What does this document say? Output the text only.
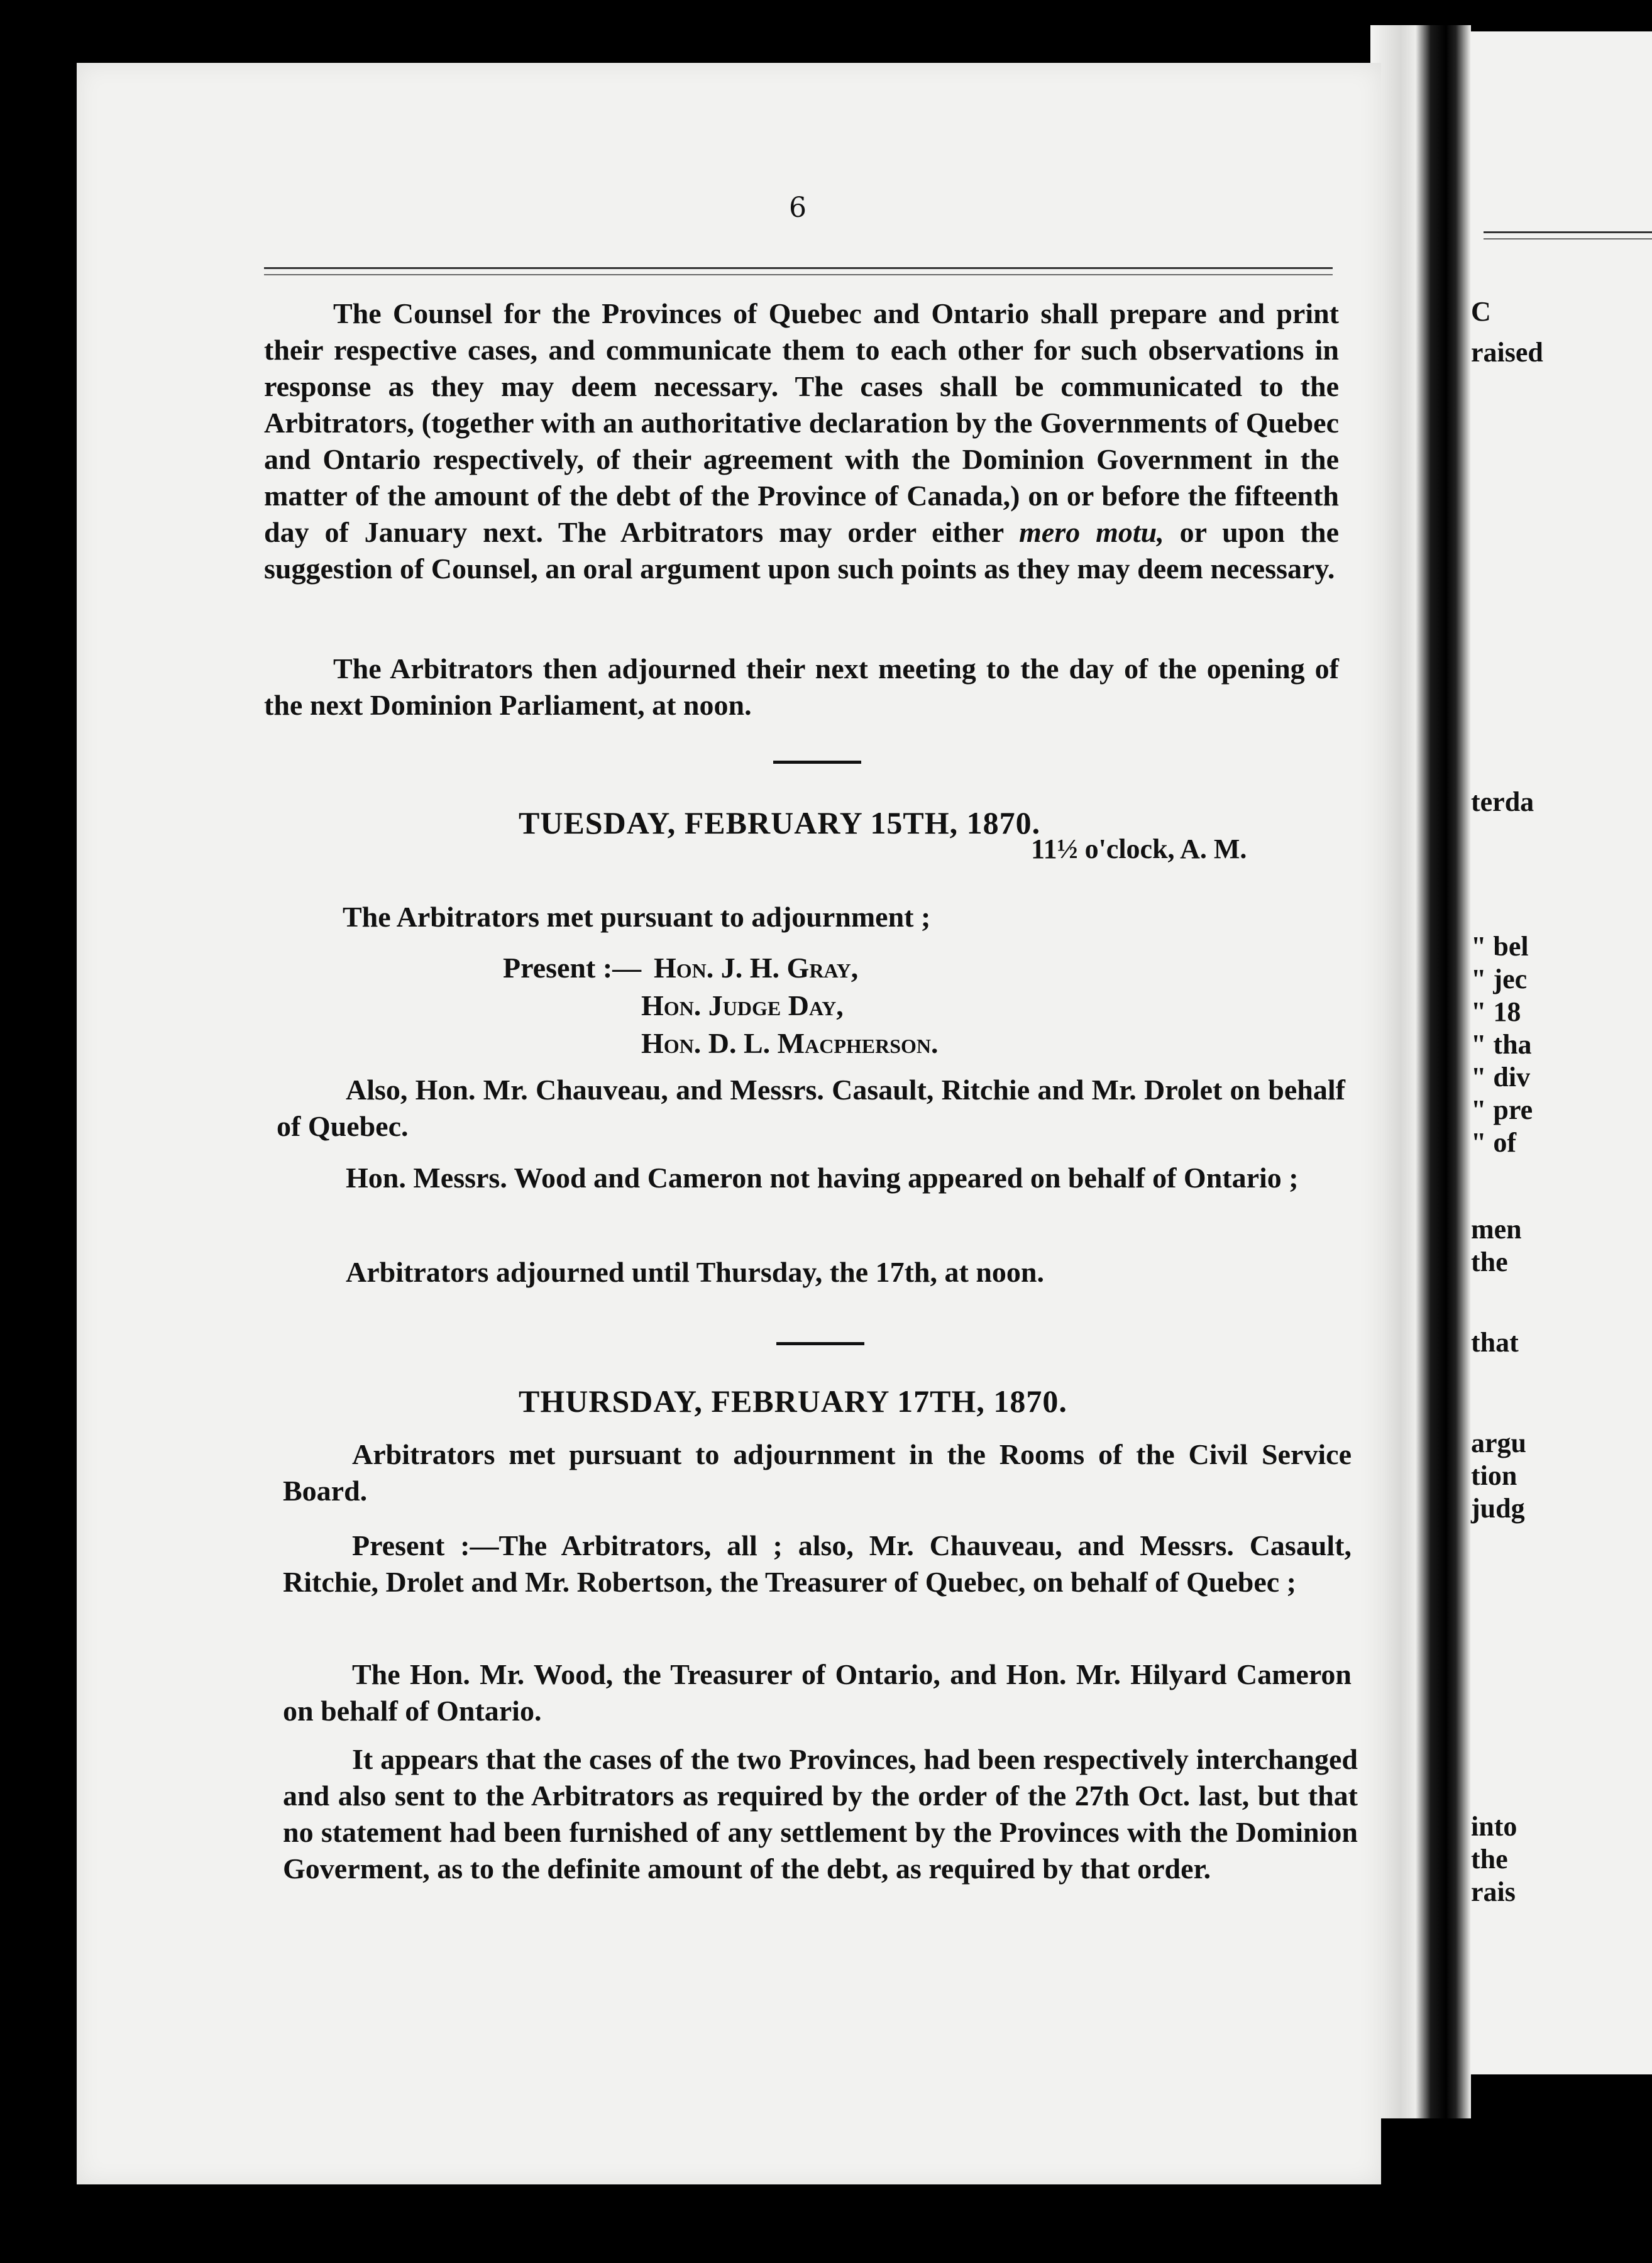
C
raised
terda
" bel
" jec
" 18
" tha
" div
" pre
" of
men
the
that
argu
tion
judg
into
the
rais
6

The Counsel for the Provinces of Quebec and Ontario shall prepare and print their respective cases, and communicate them to each other for such observations in response as they may deem necessary. The cases shall be communicated to the Arbitrators, (together with an authoritative declaration by the Governments of Quebec and Ontario respectively, of their agreement with the Dominion Government in the matter of the amount of the debt of the Province of Canada,) on or before the fifteenth day of January next. The Arbitrators may order either mero motu, or upon the suggestion of Counsel, an oral argument upon such points as they may deem necessary.

The Arbitrators then adjourned their next meeting to the day of the opening of the next Dominion Parliament, at noon.

TUESDAY, FEBRUARY 15TH, 1870.
11½ o'clock, A. M.

The Arbitrators met pursuant to adjournment ;

Present :— Hon. J. H. Gray,
Hon. Judge Day,
Hon. D. L. Macpherson.

Also, Hon. Mr. Chauveau, and Messrs. Casault, Ritchie and Mr. Drolet on behalf of Quebec.

Hon. Messrs. Wood and Cameron not having appeared on behalf of Ontario ;

Arbitrators adjourned until Thursday, the 17th, at noon.

THURSDAY, FEBRUARY 17TH, 1870.

Arbitrators met pursuant to adjournment in the Rooms of the Civil Service Board.

Present :—The Arbitrators, all ; also, Mr. Chauveau, and Messrs. Casault, Ritchie, Drolet and Mr. Robertson, the Treasurer of Quebec, on behalf of Quebec ;

The Hon. Mr. Wood, the Treasurer of Ontario, and Hon. Mr. Hilyard Cameron on behalf of Ontario.

It appears that the cases of the two Provinces, had been respectively interchanged and also sent to the Arbitrators as required by the order of the 27th Oct. last, but that no statement had been furnished of any settlement by the Provinces with the Dominion Goverment, as to the definite amount of the debt, as required by that order.
